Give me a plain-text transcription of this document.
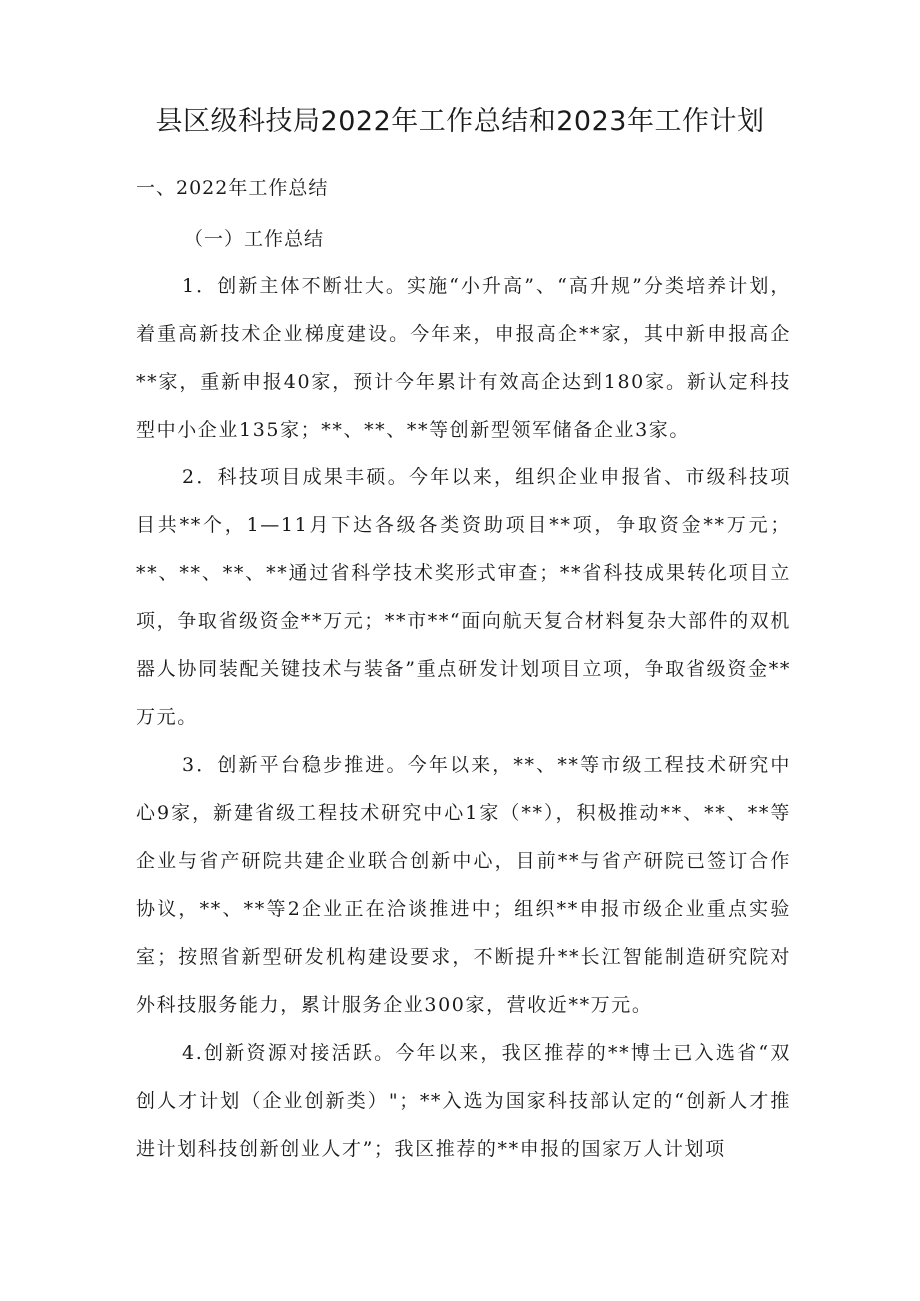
县区级科技局2022年工作总结和2023年工作计划

一、2022年工作总结

（一）工作总结

1．创新主体不断壮大。实施“小升高”、“高升规”分类培养计划，着重高新技术企业梯度建设。今年来，申报高企**家，其中新申报高企**家，重新申报40家，预计今年累计有效高企达到180家。新认定科技型中小企业135家；**、**、**等创新型领军储备企业3家。

2．科技项目成果丰硕。今年以来，组织企业申报省、市级科技项目共**个，1—11月下达各级各类资助项目**项，争取资金**万元；**、**、**、**通过省科学技术奖形式审查；**省科技成果转化项目立项，争取省级资金**万元；**市**“面向航天复合材料复杂大部件的双机器人协同装配关键技术与装备”重点研发计划项目立项，争取省级资金**万元。

3．创新平台稳步推进。今年以来，**、**等市级工程技术研究中心9家，新建省级工程技术研究中心1家（**），积极推动**、**、**等企业与省产研院共建企业联合创新中心，目前**与省产研院已签订合作协议，**、**等2企业正在洽谈推进中；组织**申报市级企业重点实验室；按照省新型研发机构建设要求，不断提升**长江智能制造研究院对外科技服务能力，累计服务企业300家，营收近**万元。

4.创新资源对接活跃。今年以来，我区推荐的**博士已入选省“双创人才计划（企业创新类）"；**入选为国家科技部认定的“创新人才推进计划科技创新创业人才”；我区推荐的**申报的国家万人计划项
